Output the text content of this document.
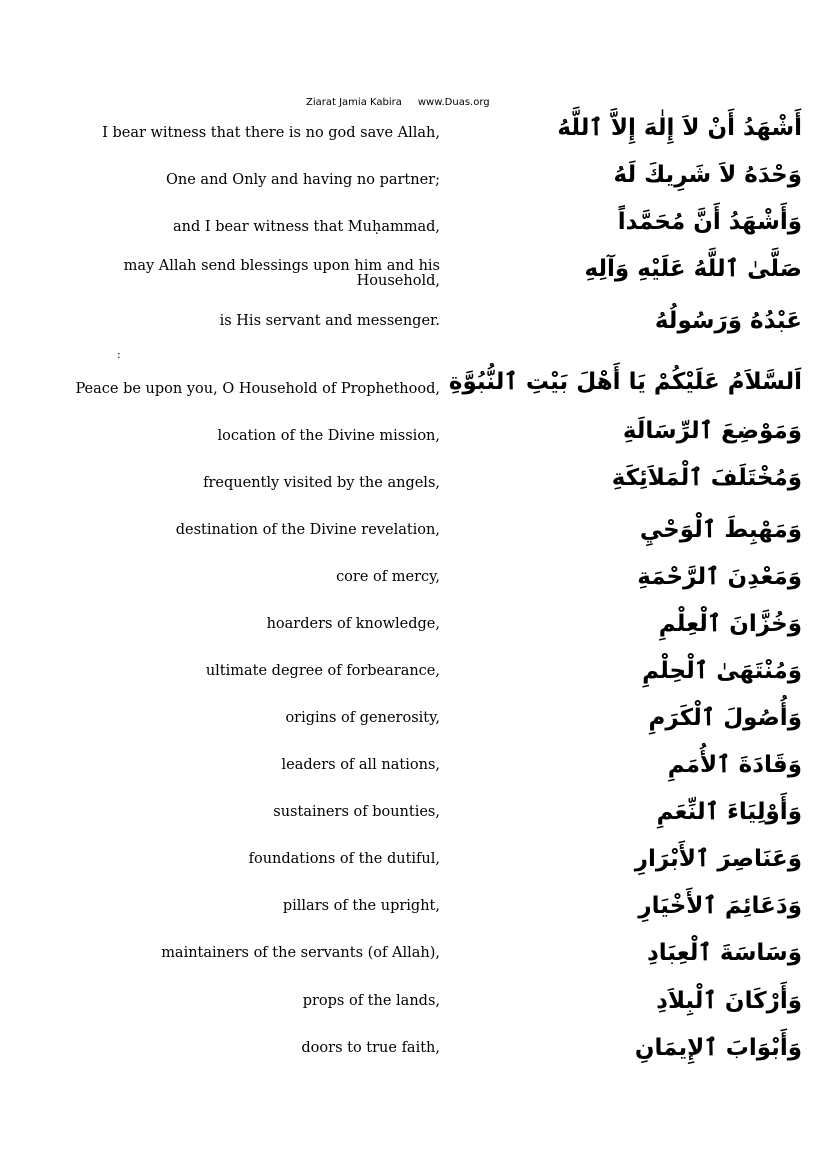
Ziarat Jamia Kabira www.Duas.org
:
أَشْهَدُ أَنْ لاَ إِلٰهَ إِلاَّ ٱللَّهُ
I bear witness that there is no god save Allah,
وَحْدَهُ لاَ شَرِيكَ لَهُ
One and Only and having no partner;
وَأَشْهَدُ أَنَّ مُحَمَّداً
and I bear witness that Muḥammad,
صَلَّىٰ ٱللَّهُ عَلَيْهِ وَآلِهِ
may Allah send blessings upon him and his Household,
عَبْدُهُ وَرَسُولُهُ
is His servant and messenger.
اَلسَّلاَمُ عَلَيْكُمْ يَا أَهْلَ بَيْتِ ٱلنُّبُوَّةِ
Peace be upon you, O Household of Prophethood,
وَمَوْضِعَ ٱلرِّسَالَةِ
location of the Divine mission,
وَمُخْتَلَفَ ٱلْمَلاَئِكَةِ
frequently visited by the angels,
وَمَهْبِطَ ٱلْوَحْيِ
destination of the Divine revelation,
وَمَعْدِنَ ٱلرَّحْمَةِ
core of mercy,
وَخُزَّانَ ٱلْعِلْمِ
hoarders of knowledge,
وَمُنْتَهَىٰ ٱلْحِلْمِ
ultimate degree of forbearance,
وَأُصُولَ ٱلْكَرَمِ
origins of generosity,
وَقَادَةَ ٱلأُمَمِ
leaders of all nations,
وَأَوْلِيَاءَ ٱلنِّعَمِ
sustainers of bounties,
وَعَنَاصِرَ ٱلأَبْرَارِ
foundations of the dutiful,
وَدَعَائِمَ ٱلأَخْيَارِ
pillars of the upright,
وَسَاسَةَ ٱلْعِبَادِ
maintainers of the servants (of Allah),
وَأَرْكَانَ ٱلْبِلاَدِ
props of the lands,
وَأَبْوَابَ ٱلإِيمَانِ
doors to true faith,
